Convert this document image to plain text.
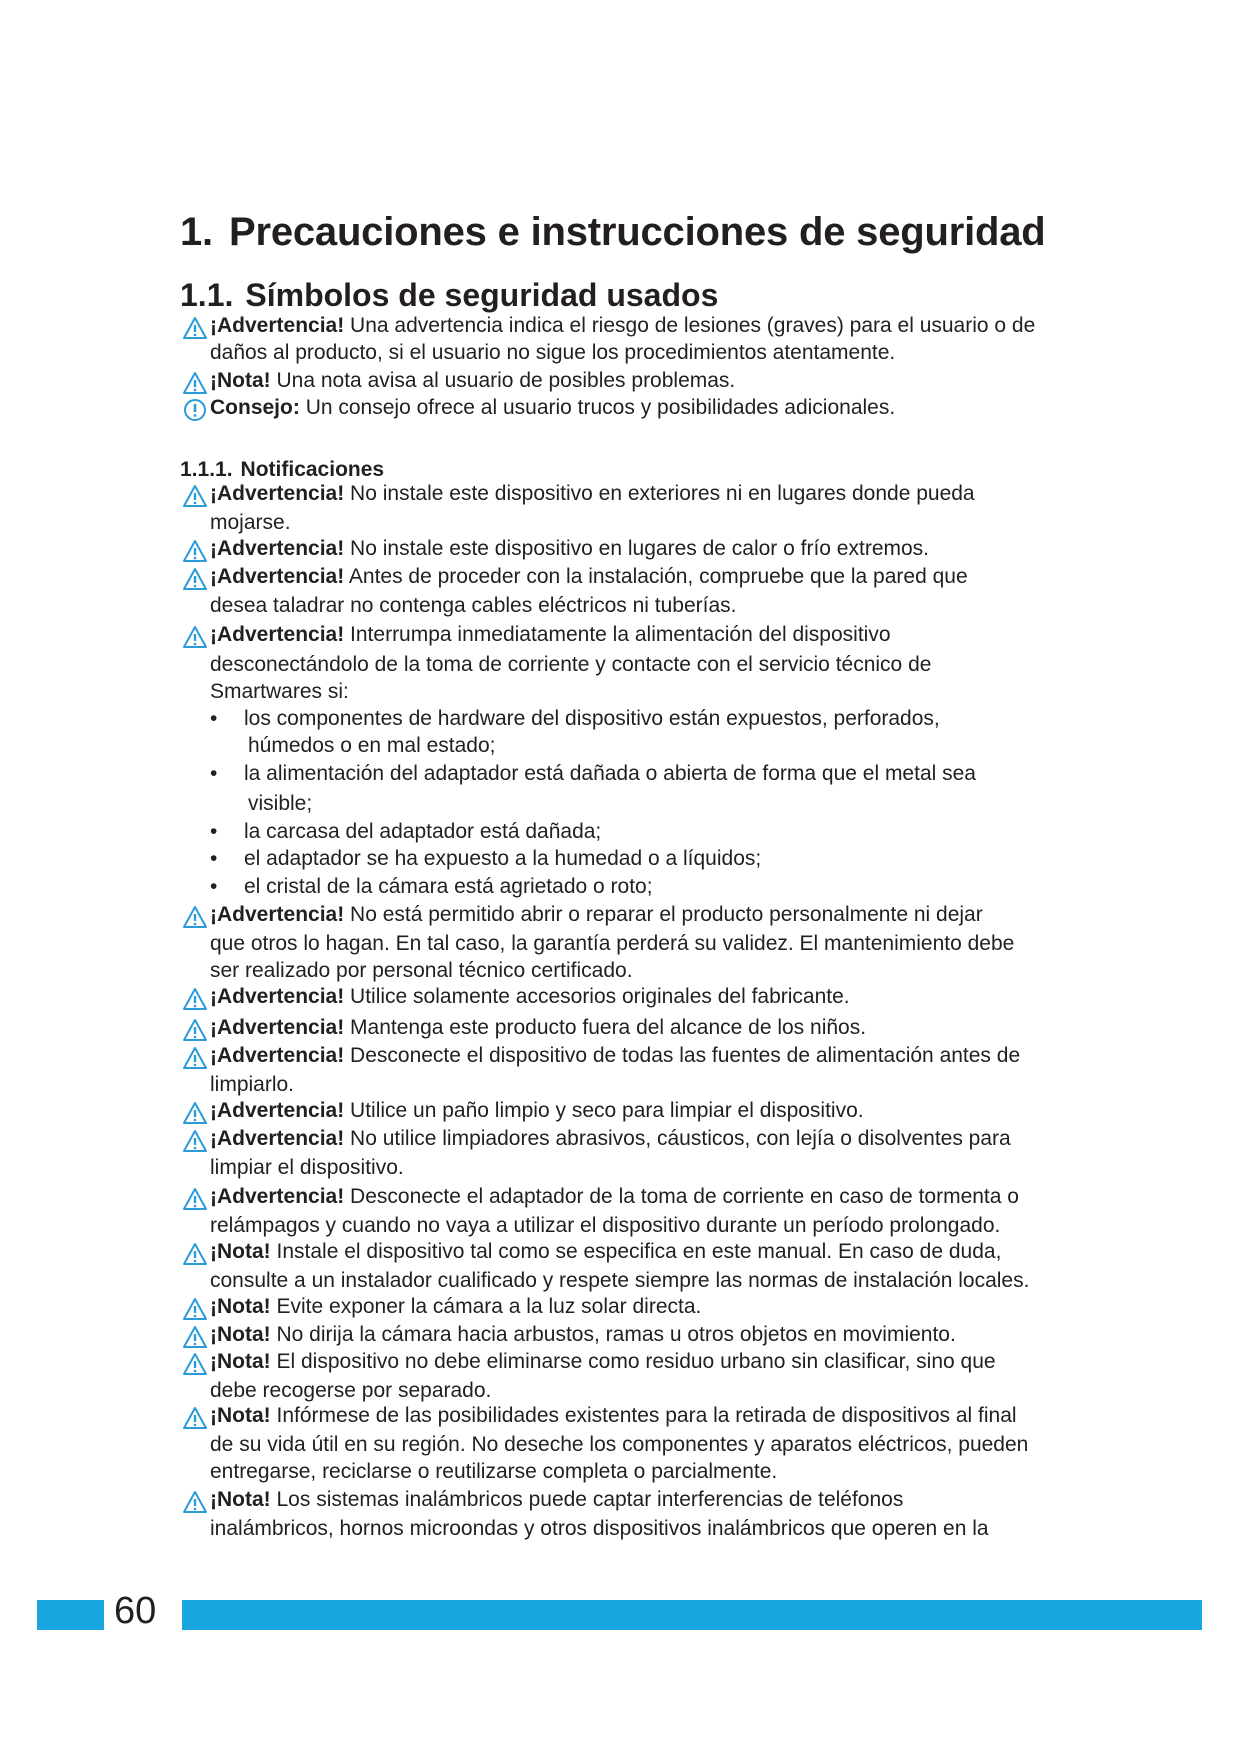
1. Precauciones e instrucciones de seguridad
1.1. Símbolos de seguridad usados
¡Advertencia! Una advertencia indica el riesgo de lesiones (graves) para el usuario o de
daños al producto, si el usuario no sigue los procedimientos atentamente.
¡Nota! Una nota avisa al usuario de posibles problemas.
Consejo: Un consejo ofrece al usuario trucos y posibilidades adicionales.
1.1.1. Notificaciones
¡Advertencia! No instale este dispositivo en exteriores ni en lugares donde pueda
mojarse.
¡Advertencia! No instale este dispositivo en lugares de calor o frío extremos.
¡Advertencia! Antes de proceder con la instalación, compruebe que la pared que
desea taladrar no contenga cables eléctricos ni tuberías.
¡Advertencia! Interrumpa inmediatamente la alimentación del dispositivo
desconectándolo de la toma de corriente y contacte con el servicio técnico de
Smartwares si:
• los componentes de hardware del dispositivo están expuestos, perforados,
húmedos o en mal estado;
• la alimentación del adaptador está dañada o abierta de forma que el metal sea
visible;
• la carcasa del adaptador está dañada;
• el adaptador se ha expuesto a la humedad o a líquidos;
• el cristal de la cámara está agrietado o roto;
¡Advertencia! No está permitido abrir o reparar el producto personalmente ni dejar
que otros lo hagan. En tal caso, la garantía perderá su validez. El mantenimiento debe
ser realizado por personal técnico certificado.
¡Advertencia! Utilice solamente accesorios originales del fabricante.
¡Advertencia! Mantenga este producto fuera del alcance de los niños.
¡Advertencia! Desconecte el dispositivo de todas las fuentes de alimentación antes de
limpiarlo.
¡Advertencia! Utilice un paño limpio y seco para limpiar el dispositivo.
¡Advertencia! No utilice limpiadores abrasivos, cáusticos, con lejía o disolventes para
limpiar el dispositivo.
¡Advertencia! Desconecte el adaptador de la toma de corriente en caso de tormenta o
relámpagos y cuando no vaya a utilizar el dispositivo durante un período prolongado.
¡Nota! Instale el dispositivo tal como se especifica en este manual. En caso de duda,
consulte a un instalador cualificado y respete siempre las normas de instalación locales.
¡Nota! Evite exponer la cámara a la luz solar directa.
¡Nota! No dirija la cámara hacia arbustos, ramas u otros objetos en movimiento.
¡Nota! El dispositivo no debe eliminarse como residuo urbano sin clasificar, sino que
debe recogerse por separado.
¡Nota! Infórmese de las posibilidades existentes para la retirada de dispositivos al final
de su vida útil en su región. No deseche los componentes y aparatos eléctricos, pueden
entregarse, reciclarse o reutilizarse completa o parcialmente.
¡Nota! Los sistemas inalámbricos puede captar interferencias de teléfonos
inalámbricos, hornos microondas y otros dispositivos inalámbricos que operen en la
60
